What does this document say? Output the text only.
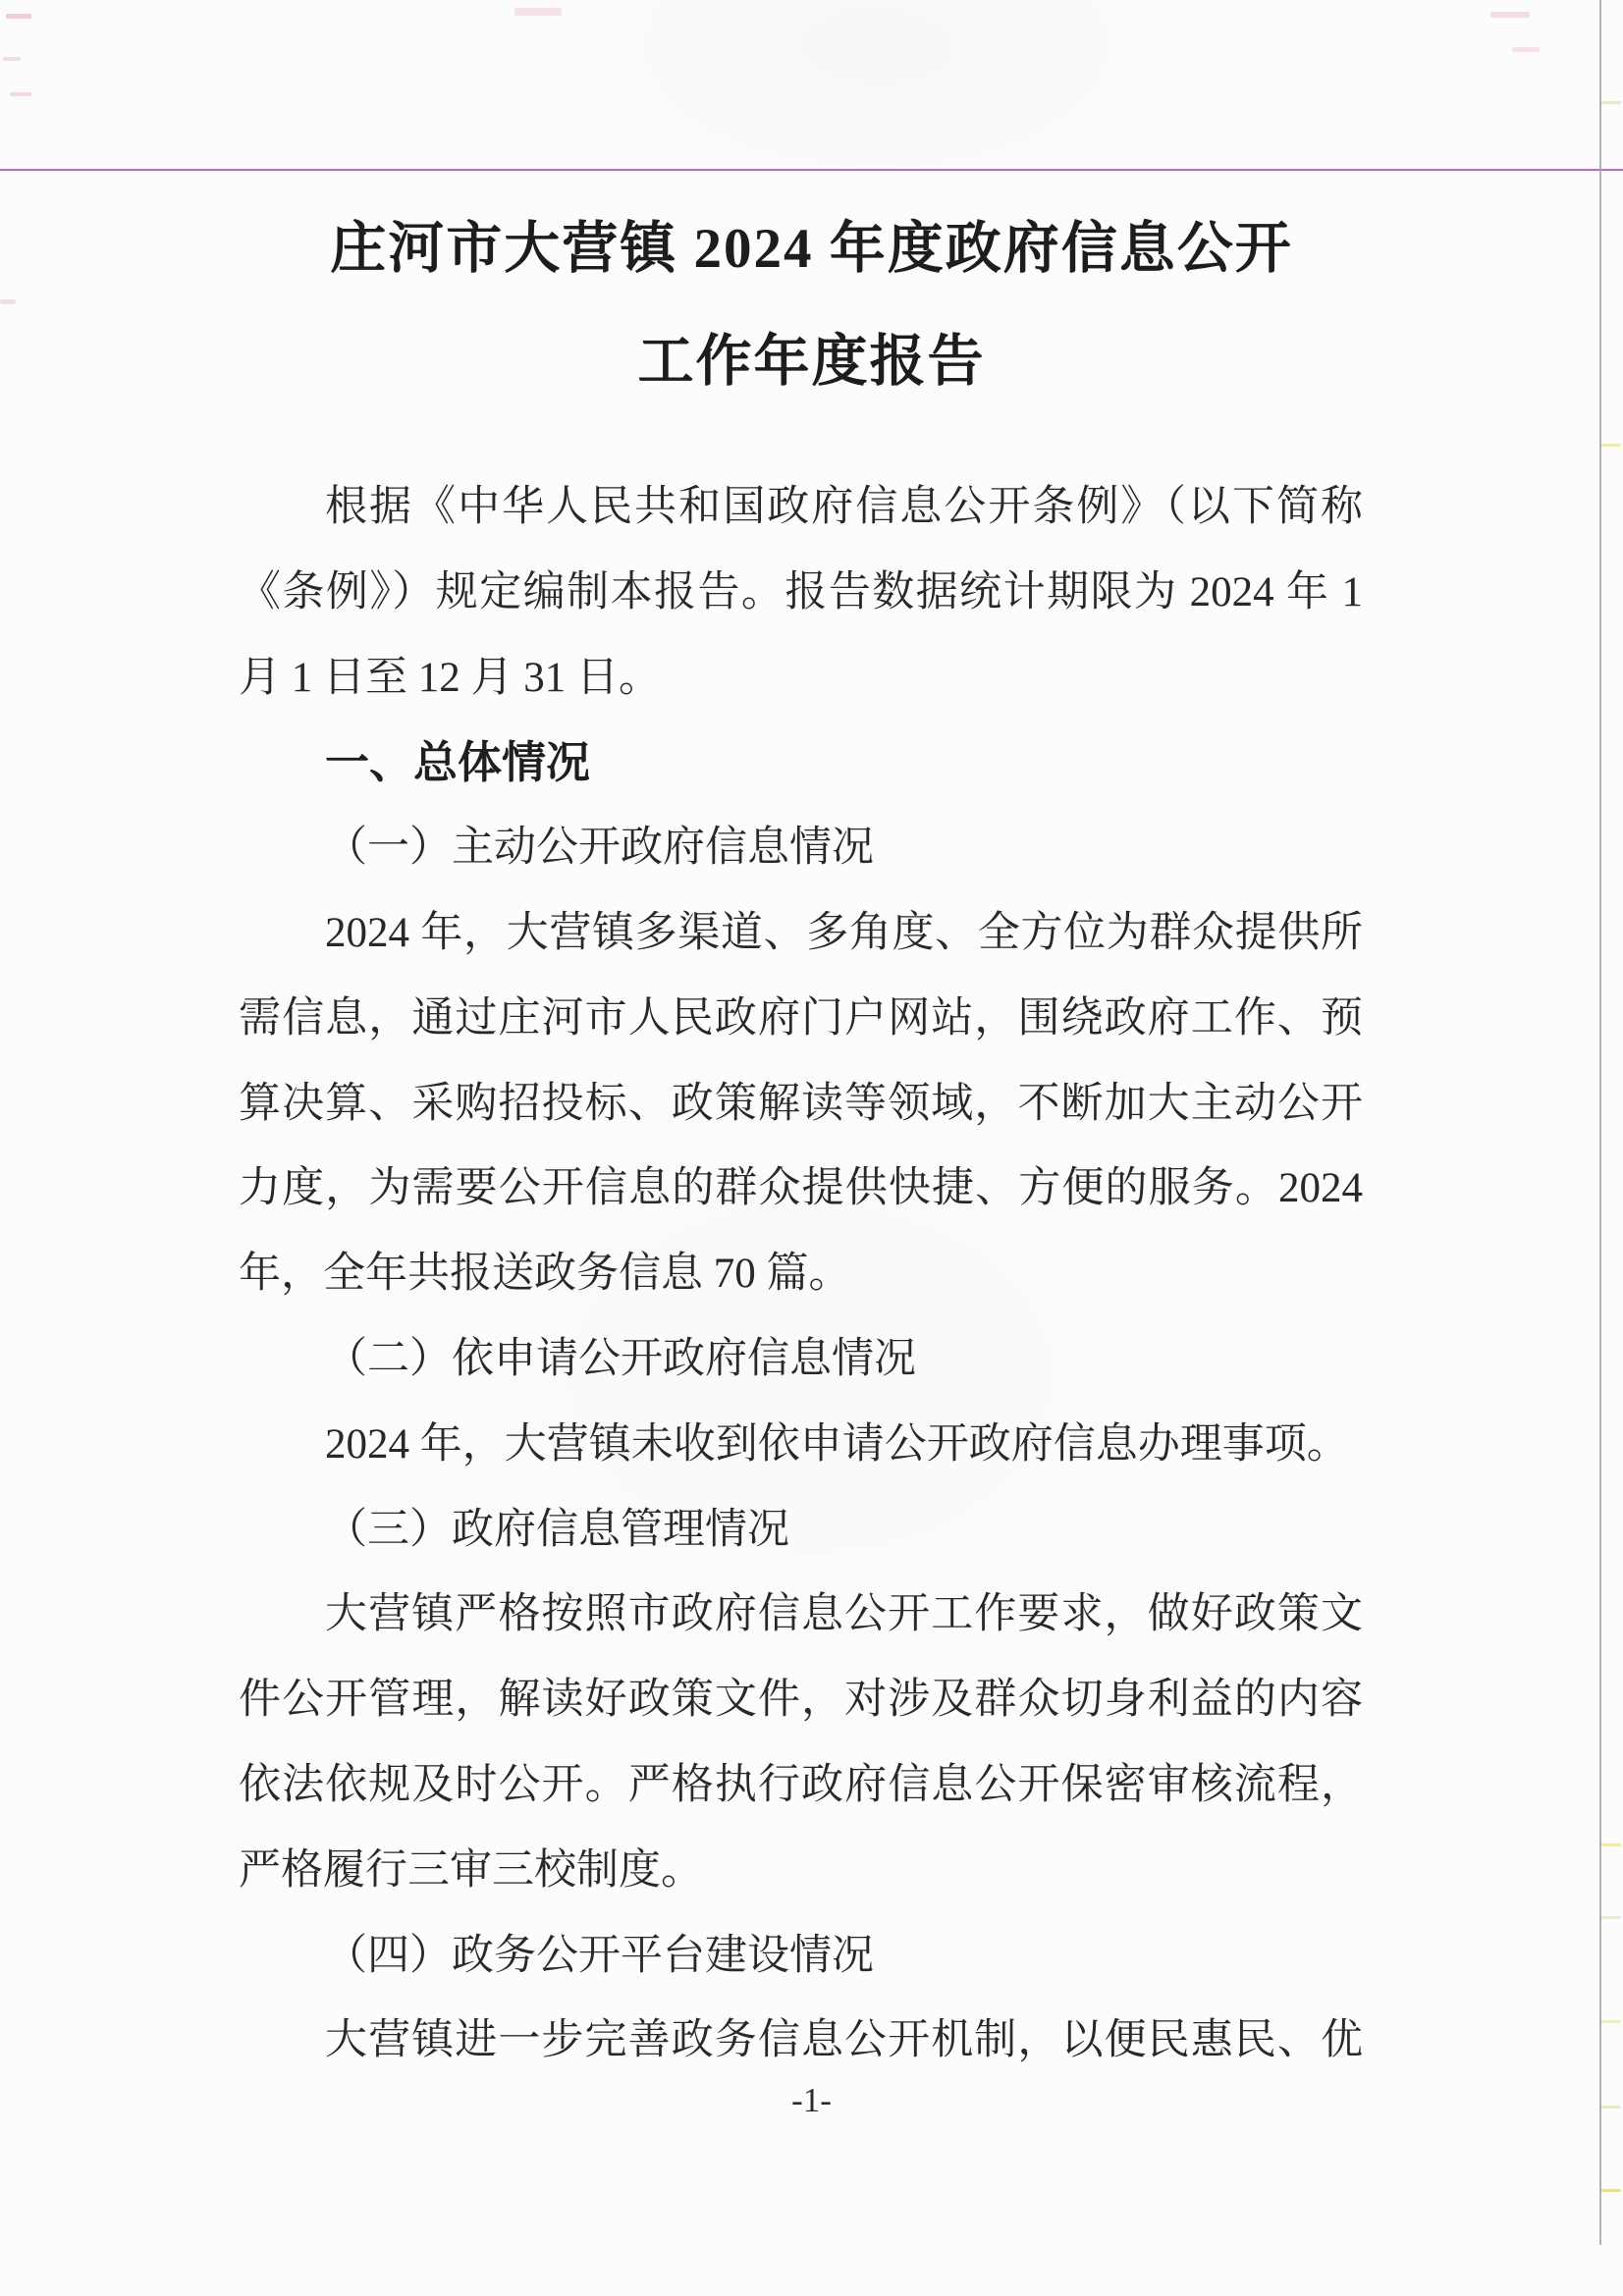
庄河市大营镇 2024 年度政府信息公开
工作年度报告
根据《中华人民共和国政府信息公开条例》（以下简称
《条例》）规定编制本报告。报告数据统计期限为 2024 年 1
月 1 日至 12 月 31 日。
一、总体情况
（一）主动公开政府信息情况
2024 年，大营镇多渠道、多角度、全方位为群众提供所
需信息，通过庄河市人民政府门户网站，围绕政府工作、预
算决算、采购招投标、政策解读等领域，不断加大主动公开
力度，为需要公开信息的群众提供快捷、方便的服务。2024
年，全年共报送政务信息 70 篇。
（二）依申请公开政府信息情况
2024 年，大营镇未收到依申请公开政府信息办理事项。
（三）政府信息管理情况
大营镇严格按照市政府信息公开工作要求，做好政策文
件公开管理，解读好政策文件，对涉及群众切身利益的内容
依法依规及时公开。严格执行政府信息公开保密审核流程，
严格履行三审三校制度。
（四）政务公开平台建设情况
大营镇进一步完善政务信息公开机制，以便民惠民、优
-1-
